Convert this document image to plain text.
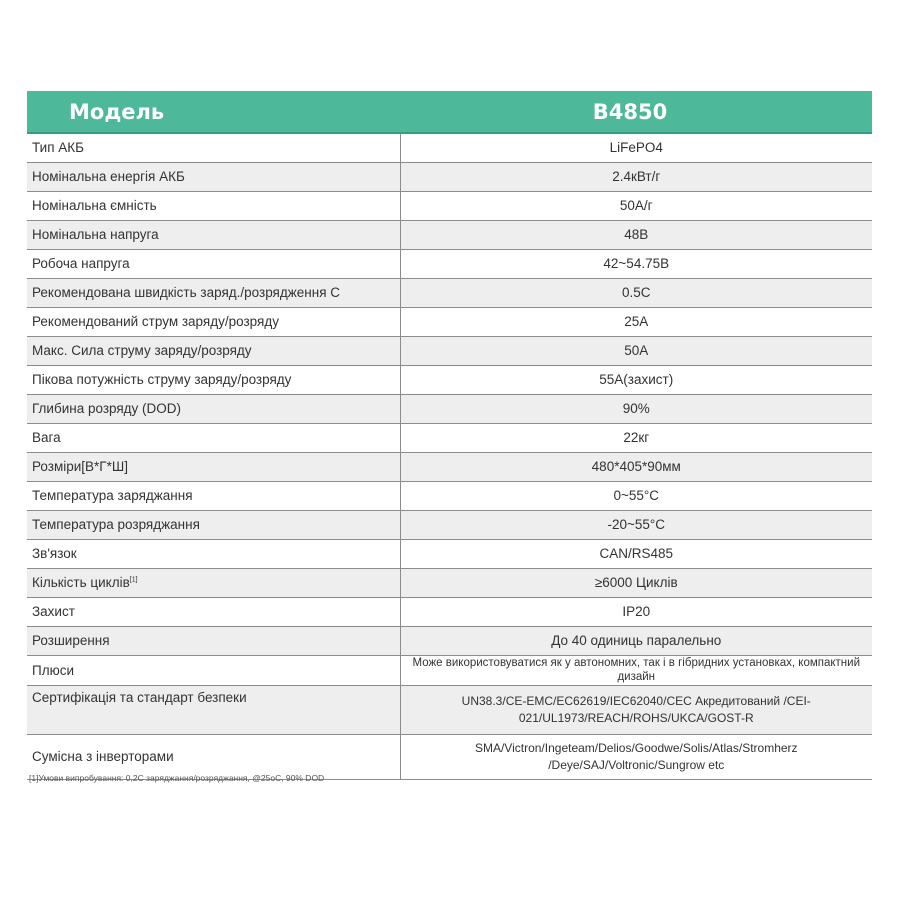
Модель	B4850
Тип АКБ	LiFePO4
Номінальна енергія АКБ	2.4кВт/г
Номінальна ємність	50А/г
Номінальна напруга	48В
Робоча напруга	42~54.75В
Рекомендована швидкість заряд./розрядження С	0.5C
Рекомендований струм заряду/розряду	25A
Макс. Сила струму заряду/розряду	50A
Пікова потужність струму заряду/розряду	55A(захист)
Глибина розряду (DOD)	90%
Вага	22кг
Розміри[В*Г*Ш]	480*405*90мм
Температура заряджання	0~55°C
Температура розряджання	-20~55°C
Зв'язок	CAN/RS485
Кількість циклів[1]	≥6000 Циклів
Захист	IP20
Розширення	До 40 одиниць паралельно
Плюси	Може використовуватися як у автономних, так і в гібридних установках, компактний дизайн
Сертифікація та стандарт безпеки	UN38.3/CE-EMC/EC62619/IEC62040/CEC Акредитований /CEI-021/UL1973/REACH/ROHS/UKCA/GOST-R
Сумісна з інверторами	SMA/Victron/Ingeteam/Delios/Goodwe/Solis/Atlas/Stromherz /Deye/SAJ/Voltronic/Sungrow etc
[1]Умови випробування: 0,2C заряджання/розряджання, @25oC, 90% DOD
